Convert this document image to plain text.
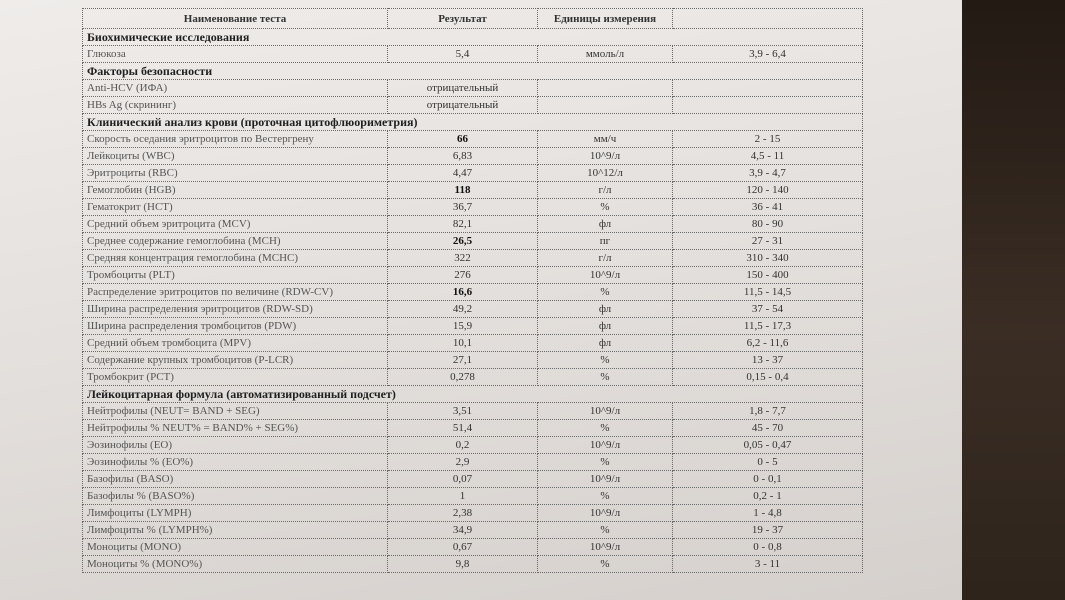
Наименование теста	Результат	Единицы измерения	
Биохимические исследования			
Глюкоза	5,4	ммоль/л	3,9 - 6,4
Факторы безопасности			
Anti-HCV (ИФА)	отрицательный		
HBs Ag (скрининг)	отрицательный		
Клинический анализ крови (проточная цитофлюориметрия)			
Скорость оседания эритроцитов по Вестергрену	66	мм/ч	2 - 15
Лейкоциты (WBC)	6,83	10^9/л	4,5 - 11
Эритроциты (RBC)	4,47	10^12/л	3,9 - 4,7
Гемоглобин (HGB)	118	г/л	120 - 140
Гематокрит (HCT)	36,7	%	36 - 41
Средний объем эритроцита (MCV)	82,1	фл	80 - 90
Среднее содержание гемоглобина (MCH)	26,5	пг	27 - 31
Средняя концентрация гемоглобина (MCHC)	322	г/л	310 - 340
Тромбоциты (PLT)	276	10^9/л	150 - 400
Распределение эритроцитов по величине (RDW-CV)	16,6	%	11,5 - 14,5
Ширина распределения эритроцитов (RDW-SD)	49,2	фл	37 - 54
Ширина распределения тромбоцитов (PDW)	15,9	фл	11,5 - 17,3
Средний объем тромбоцита (MPV)	10,1	фл	6,2 - 11,6
Содержание крупных тромбоцитов (P-LCR)	27,1	%	13 - 37
Тромбокрит (PCT)	0,278	%	0,15 - 0,4
Лейкоцитарная формула (автоматизированный подсчет)			
Нейтрофилы (NEUT= BAND + SEG)	3,51	10^9/л	1,8 - 7,7
Нейтрофилы % NEUT% = BAND% + SEG%)	51,4	%	45 - 70
Эозинофилы (EO)	0,2	10^9/л	0,05 - 0,47
Эозинофилы % (EO%)	2,9	%	0 - 5
Базофилы (BASO)	0,07	10^9/л	0 - 0,1
Базофилы % (BASO%)	1	%	0,2 - 1
Лимфоциты (LYMPH)	2,38	10^9/л	1 - 4,8
Лимфоциты % (LYMPH%)	34,9	%	19 - 37
Моноциты (MONO)	0,67	10^9/л	0 - 0,8
Моноциты % (MONO%)	9,8	%	3 - 11
